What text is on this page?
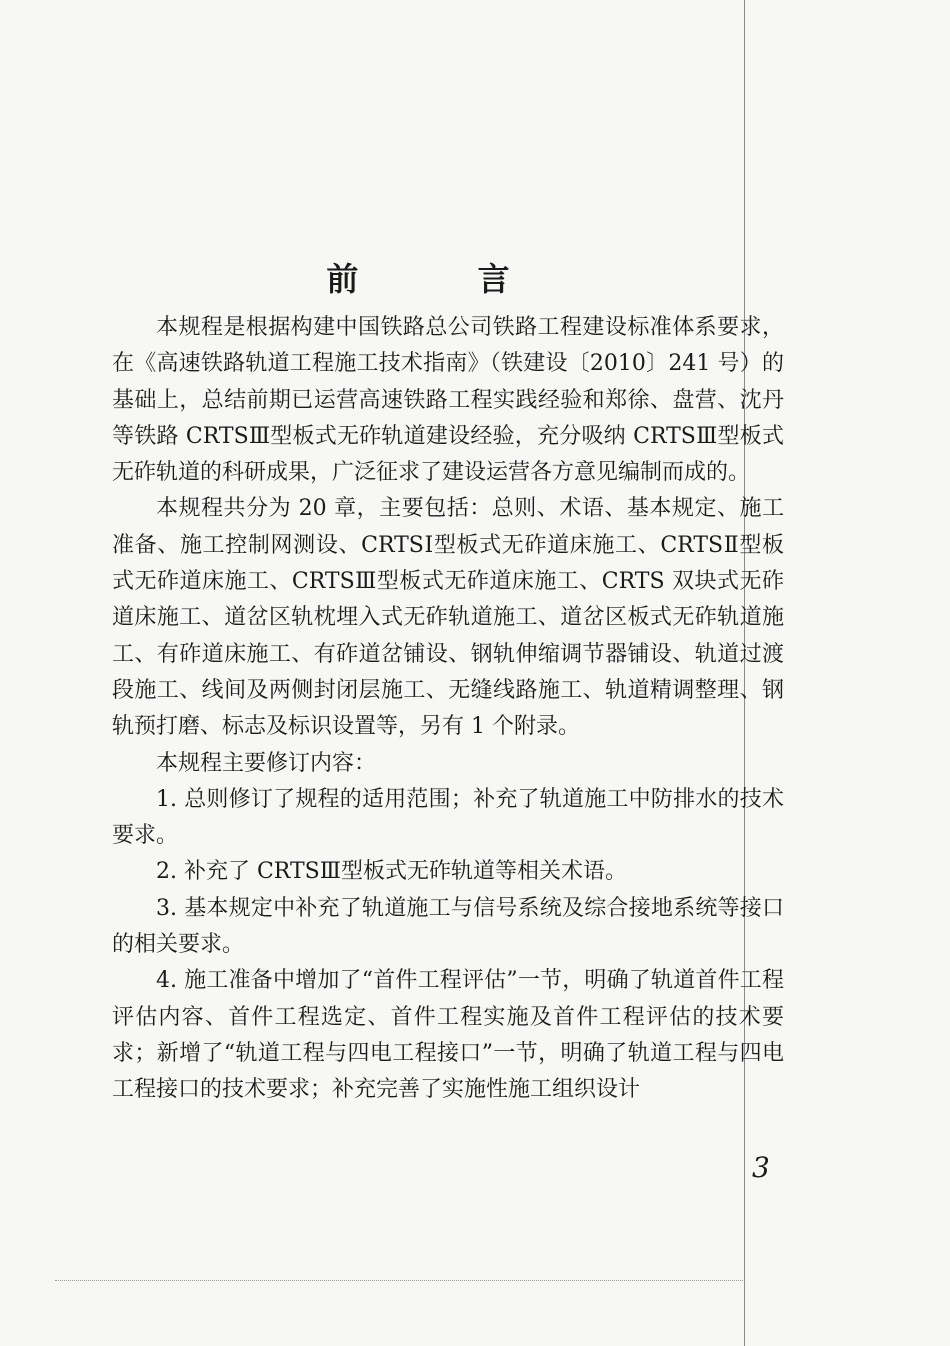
前 言

本规程是根据构建中国铁路总公司铁路工程建设标准体系要求，在《高速铁路轨道工程施工技术指南》（铁建设〔2010〕241 号）的基础上，总结前期已运营高速铁路工程实践经验和郑徐、盘营、沈丹等铁路 CRTSⅢ型板式无砟轨道建设经验，充分吸纳 CRTSⅢ型板式无砟轨道的科研成果，广泛征求了建设运营各方意见编制而成的。

本规程共分为 20 章，主要包括：总则、术语、基本规定、施工准备、施工控制网测设、CRTSⅠ型板式无砟道床施工、CRTSⅡ型板式无砟道床施工、CRTSⅢ型板式无砟道床施工、CRTS 双块式无砟道床施工、道岔区轨枕埋入式无砟轨道施工、道岔区板式无砟轨道施工、有砟道床施工、有砟道岔铺设、钢轨伸缩调节器铺设、轨道过渡段施工、线间及两侧封闭层施工、无缝线路施工、轨道精调整理、钢轨预打磨、标志及标识设置等，另有 1 个附录。

本规程主要修订内容：

1. 总则修订了规程的适用范围；补充了轨道施工中防排水的技术要求。

2. 补充了 CRTSⅢ型板式无砟轨道等相关术语。

3. 基本规定中补充了轨道施工与信号系统及综合接地系统等接口的相关要求。

4. 施工准备中增加了“首件工程评估”一节，明确了轨道首件工程评估内容、首件工程选定、首件工程实施及首件工程评估的技术要求；新增了“轨道工程与四电工程接口”一节，明确了轨道工程与四电工程接口的技术要求；补充完善了实施性施工组织设计

3
